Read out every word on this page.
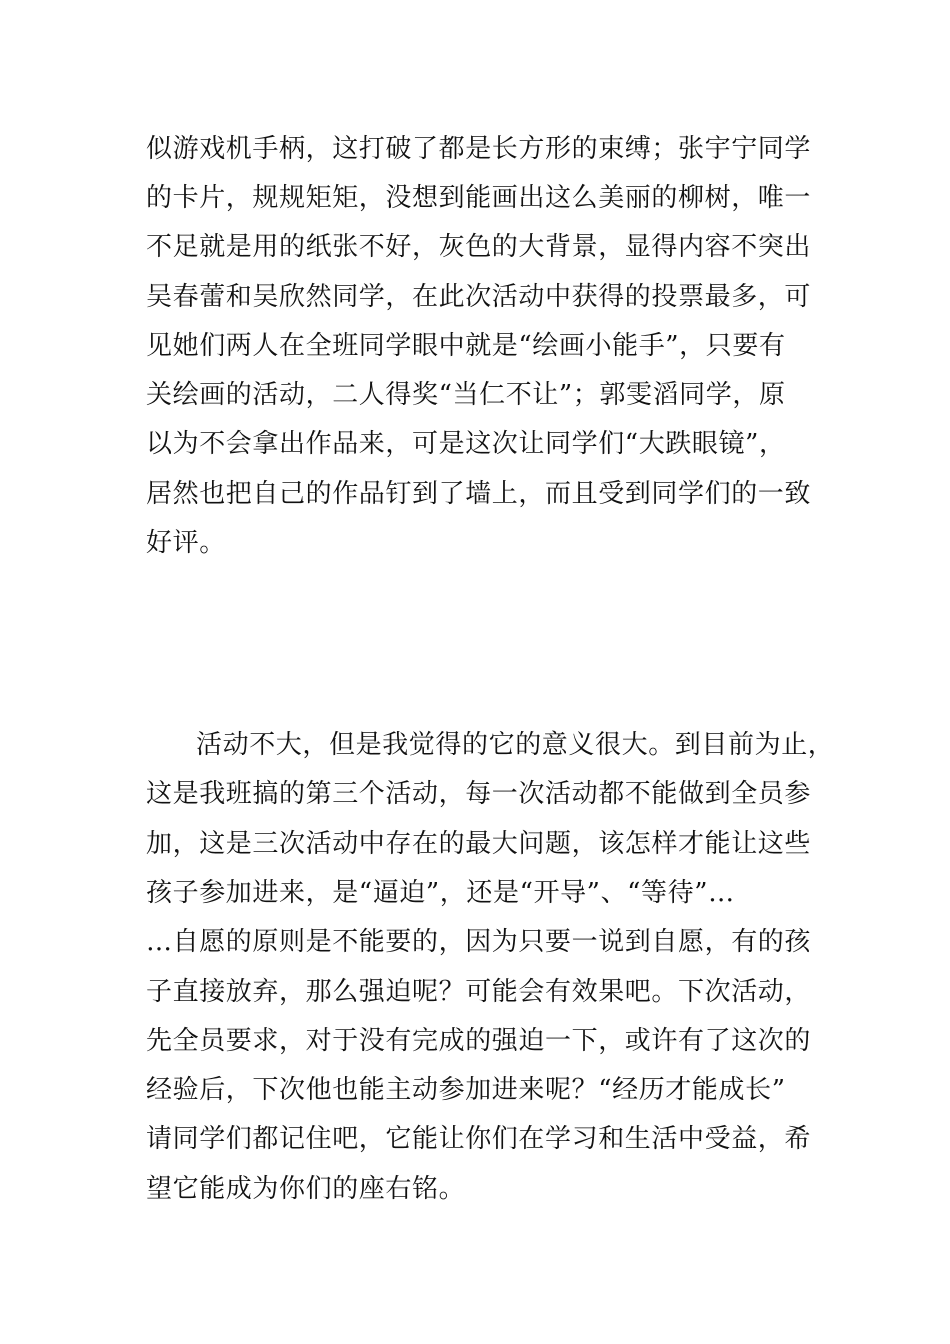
似游戏机手柄，这打破了都是长方形的束缚；张宇宁同学

的卡片，规规矩矩，没想到能画出这么美丽的柳树，唯一

不足就是用的纸张不好，灰色的大背景，显得内容不突出

吴春蕾和吴欣然同学，在此次活动中获得的投票最多，可

见她们两人在全班同学眼中就是“绘画小能手”，只要有

关绘画的活动，二人得奖“当仁不让”；郭雯滔同学，原

以为不会拿出作品来，可是这次让同学们“大跌眼镜”，

居然也把自己的作品钉到了墙上，而且受到同学们的一致

好评。

活动不大，但是我觉得的它的意义很大。到目前为止，

这是我班搞的第三个活动，每一次活动都不能做到全员参

加，这是三次活动中存在的最大问题，该怎样才能让这些

孩子参加进来，是“逼迫”，还是“开导”、“等待”…

…自愿的原则是不能要的，因为只要一说到自愿，有的孩

子直接放弃，那么强迫呢？可能会有效果吧。下次活动，

先全员要求，对于没有完成的强迫一下，或许有了这次的

经验后，下次他也能主动参加进来呢？“经历才能成长”

请同学们都记住吧，它能让你们在学习和生活中受益，希

望它能成为你们的座右铭。
